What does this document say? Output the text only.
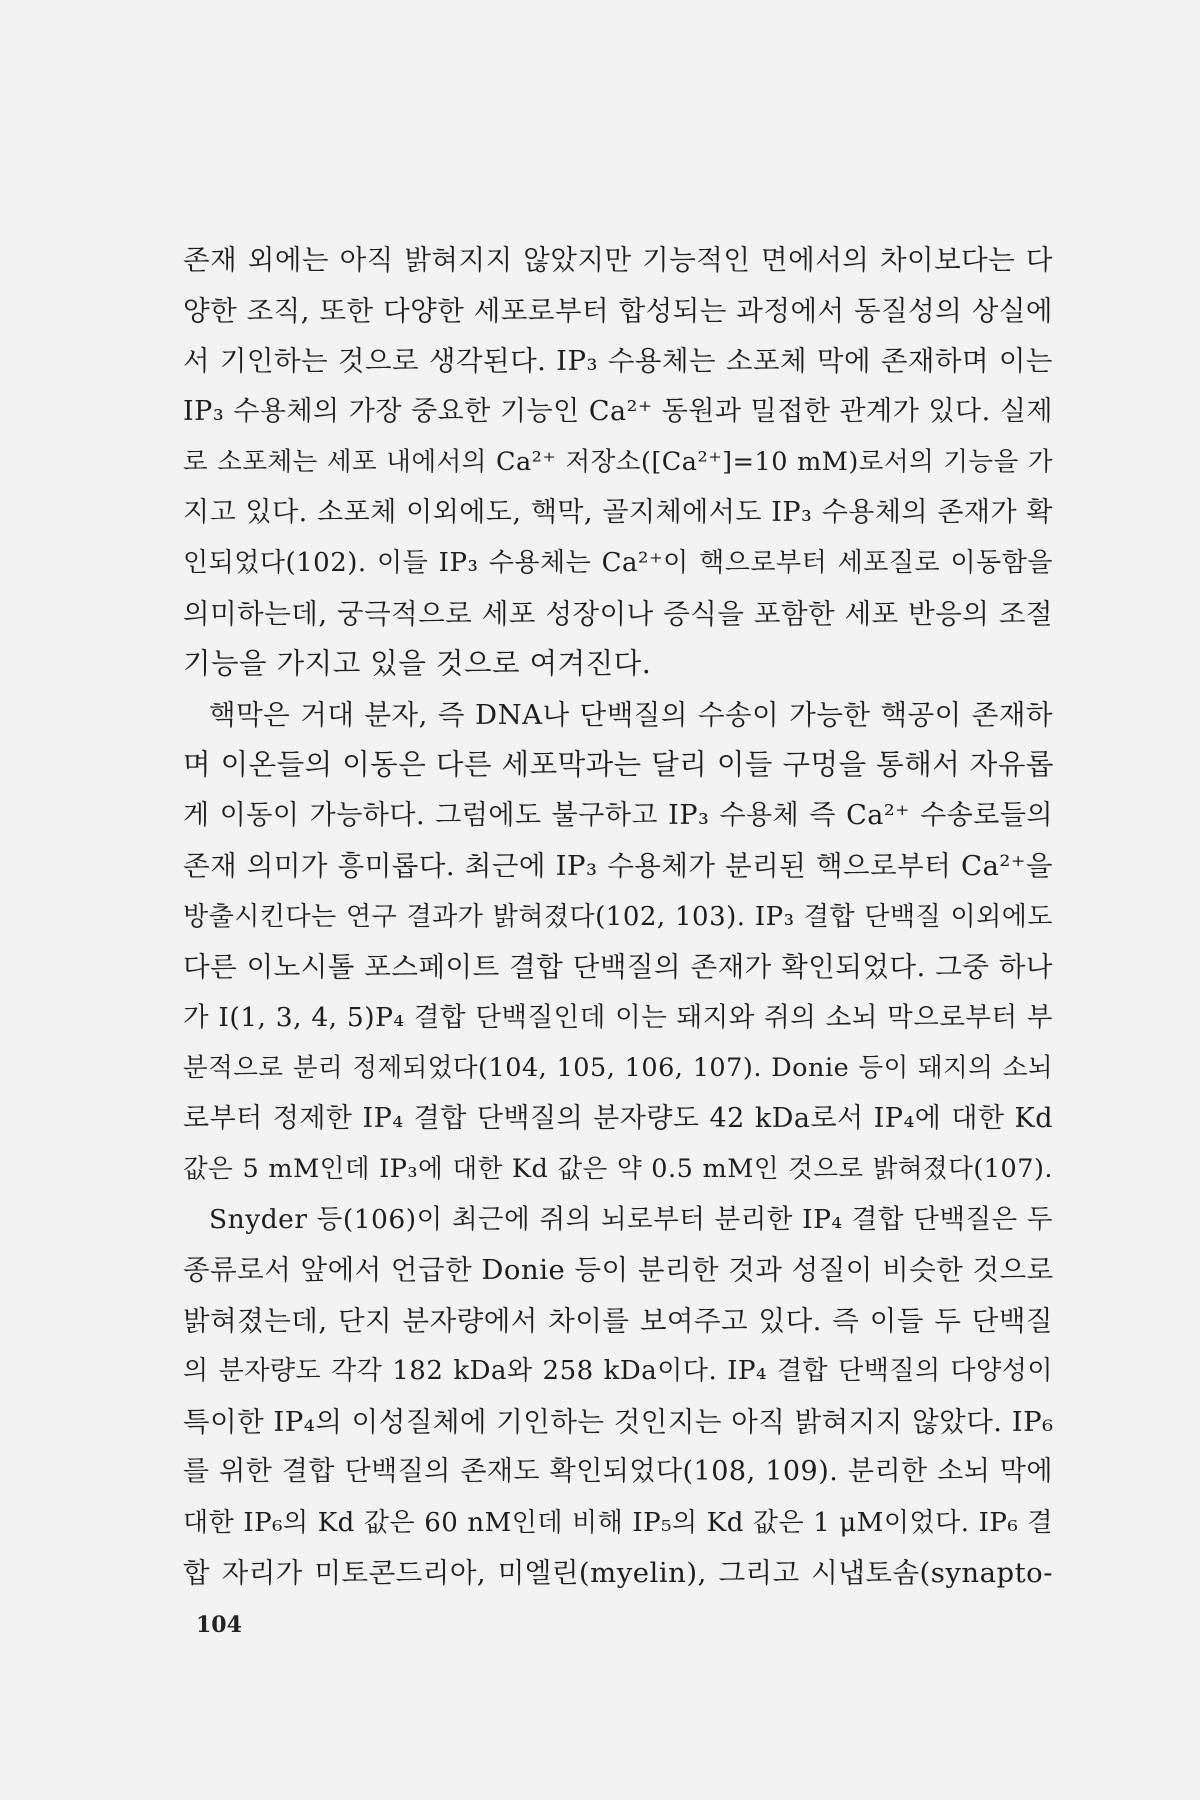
존재 외에는 아직 밝혀지지 않았지만 기능적인 면에서의 차이보다는 다
양한 조직, 또한 다양한 세포로부터 합성되는 과정에서 동질성의 상실에
서 기인하는 것으로 생각된다. IP₃ 수용체는 소포체 막에 존재하며 이는
IP₃ 수용체의 가장 중요한 기능인 Ca²⁺ 동원과 밀접한 관계가 있다. 실제
로 소포체는 세포 내에서의 Ca²⁺ 저장소([Ca²⁺]=10 mM)로서의 기능을 가
지고 있다. 소포체 이외에도, 핵막, 골지체에서도 IP₃ 수용체의 존재가 확
인되었다(102). 이들 IP₃ 수용체는 Ca²⁺이 핵으로부터 세포질로 이동함을
의미하는데, 궁극적으로 세포 성장이나 증식을 포함한 세포 반응의 조절
기능을 가지고 있을 것으로 여겨진다.
핵막은 거대 분자, 즉 DNA나 단백질의 수송이 가능한 핵공이 존재하
며 이온들의 이동은 다른 세포막과는 달리 이들 구멍을 통해서 자유롭
게 이동이 가능하다. 그럼에도 불구하고 IP₃ 수용체 즉 Ca²⁺ 수송로들의
존재 의미가 흥미롭다. 최근에 IP₃ 수용체가 분리된 핵으로부터 Ca²⁺을
방출시킨다는 연구 결과가 밝혀졌다(102, 103). IP₃ 결합 단백질 이외에도
다른 이노시톨 포스페이트 결합 단백질의 존재가 확인되었다. 그중 하나
가 I(1, 3, 4, 5)P₄ 결합 단백질인데 이는 돼지와 쥐의 소뇌 막으로부터 부
분적으로 분리 정제되었다(104, 105, 106, 107). Donie 등이 돼지의 소뇌
로부터 정제한 IP₄ 결합 단백질의 분자량도 42 kDa로서 IP₄에 대한 Kd
값은 5 mM인데 IP₃에 대한 Kd 값은 약 0.5 mM인 것으로 밝혀졌다(107).
Snyder 등(106)이 최근에 쥐의 뇌로부터 분리한 IP₄ 결합 단백질은 두
종류로서 앞에서 언급한 Donie 등이 분리한 것과 성질이 비슷한 것으로
밝혀졌는데, 단지 분자량에서 차이를 보여주고 있다. 즉 이들 두 단백질
의 분자량도 각각 182 kDa와 258 kDa이다. IP₄ 결합 단백질의 다양성이
특이한 IP₄의 이성질체에 기인하는 것인지는 아직 밝혀지지 않았다. IP₆
를 위한 결합 단백질의 존재도 확인되었다(108, 109). 분리한 소뇌 막에
대한 IP₆의 Kd 값은 60 nM인데 비해 IP₅의 Kd 값은 1 μM이었다. IP₆ 결
합 자리가 미토콘드리아, 미엘린(myelin), 그리고 시냅토솜(synapto-
104
